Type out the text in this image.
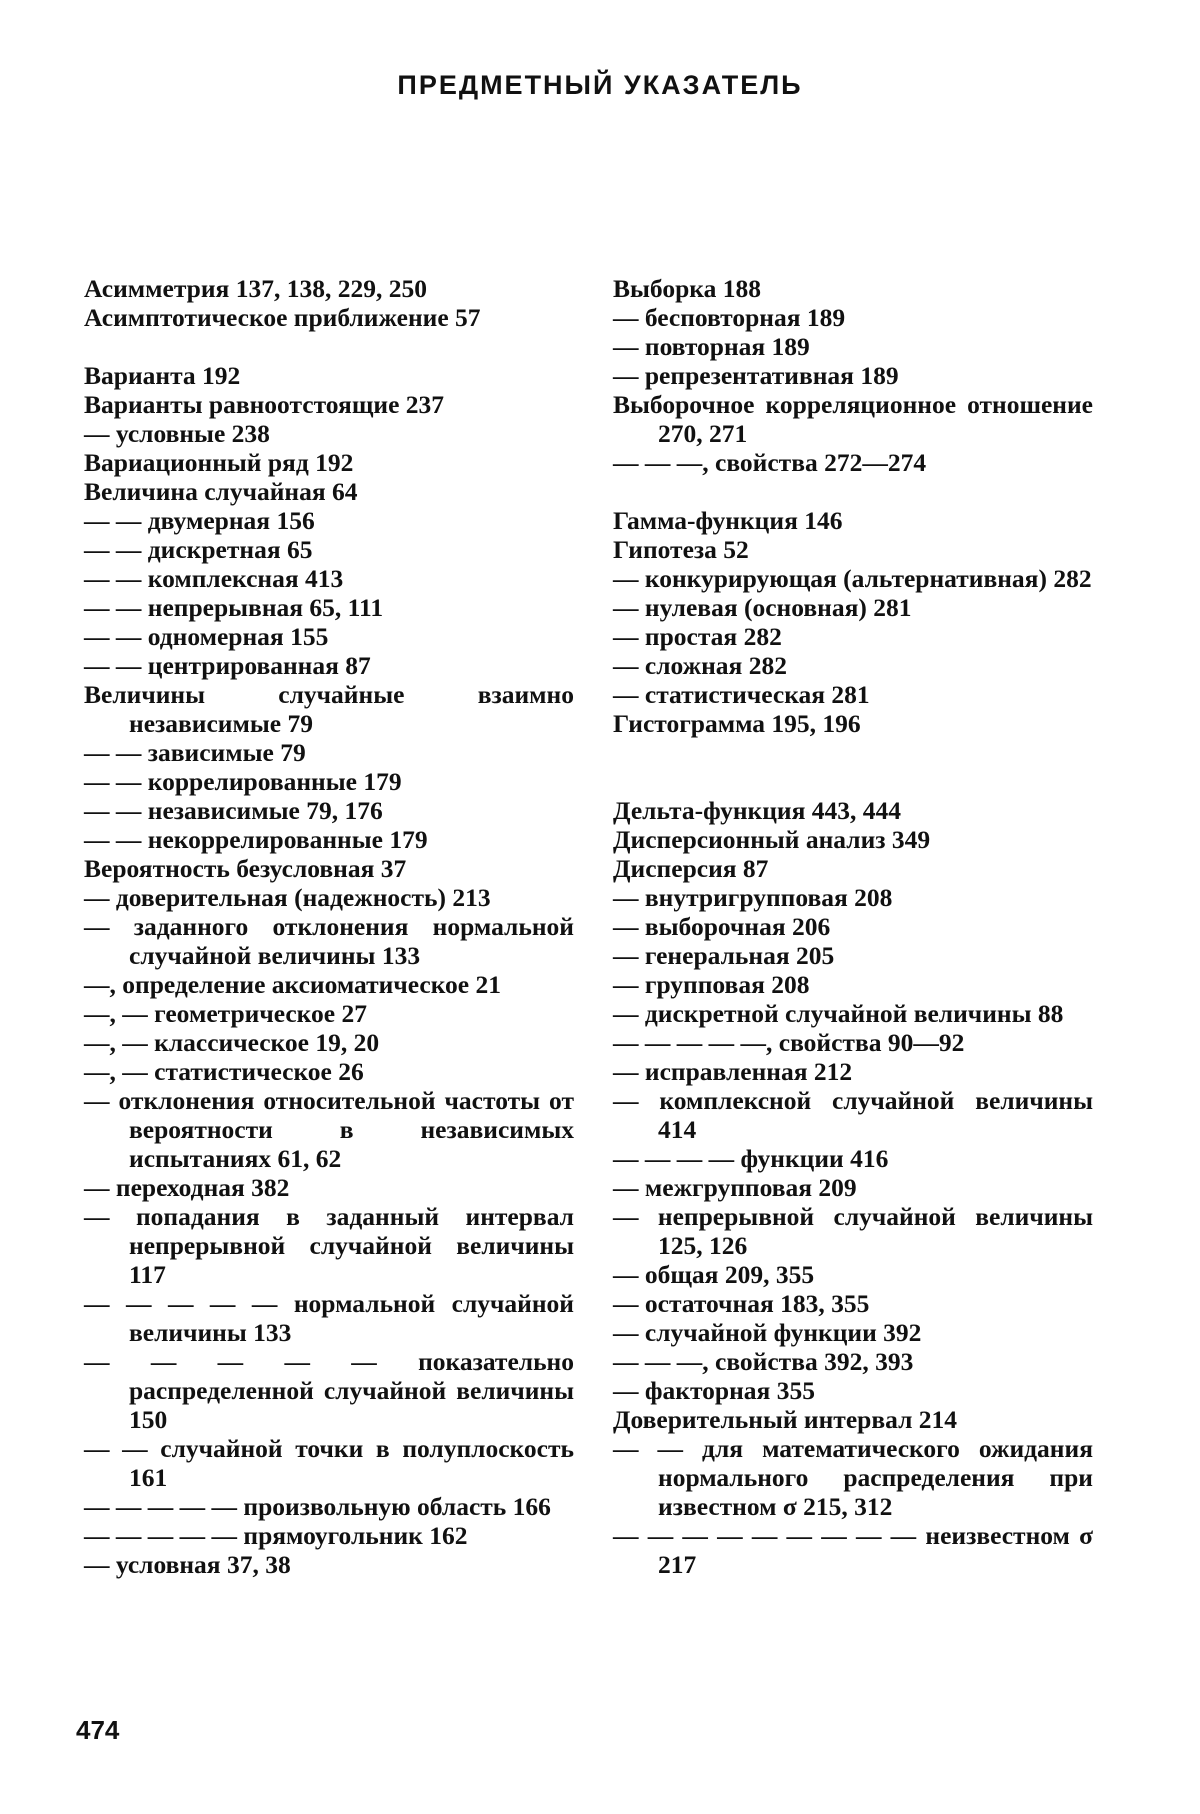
ПРЕДМЕТНЫЙ УКАЗАТЕЛЬ
Асимметрия 137, 138, 229, 250
Асимптотическое приближение 57
Варианта 192
Варианты равноотстоящие 237
— условные 238
Вариационный ряд 192
Величина случайная 64
— — двумерная 156
— — дискретная 65
— — комплексная 413
— — непрерывная 65, 111
— — одномерная 155
— — центрированная 87
Величины случайные взаимно независимые 79
— — зависимые 79
— — коррелированные 179
— — независимые 79, 176
— — некоррелированные 179
Вероятность безусловная 37
— доверительная (надежность) 213
— заданного отклонения нормальной случайной величины 133
—, определение аксиоматическое 21
—, — геометрическое 27
—, — классическое 19, 20
—, — статистическое 26
— отклонения относительной частоты от вероятности в независимых испытаниях 61, 62
— переходная 382
— попадания в заданный интервал непрерывной случайной величины 117
— — — — — нормальной случайной величины 133
— — — — — показательно распределенной случайной величины 150
— — случайной точки в полуплоскость 161
— — — — — произвольную область 166
— — — — — прямоугольник 162
— условная 37, 38
Выборка 188
— бесповторная 189
— повторная 189
— репрезентативная 189
Выборочное корреляционное отношение 270, 271
— — —, свойства 272—274
Гамма-функция 146
Гипотеза 52
— конкурирующая (альтернативная) 282
— нулевая (основная) 281
— простая 282
— сложная 282
— статистическая 281
Гистограмма 195, 196
Дельта-функция 443, 444
Дисперсионный анализ 349
Дисперсия 87
— внутригрупповая 208
— выборочная 206
— генеральная 205
— групповая 208
— дискретной случайной величины 88
— — — — —, свойства 90—92
— исправленная 212
— комплексной случайной величины 414
— — — — функции 416
— межгрупповая 209
— непрерывной случайной величины 125, 126
— общая 209, 355
— остаточная 183, 355
— случайной функции 392
— — —, свойства 392, 393
— факторная 355
Доверительный интервал 214
— — для математического ожидания нормального распределения при известном σ 215, 312
— — — — — — — — — неизвестном σ 217
474
